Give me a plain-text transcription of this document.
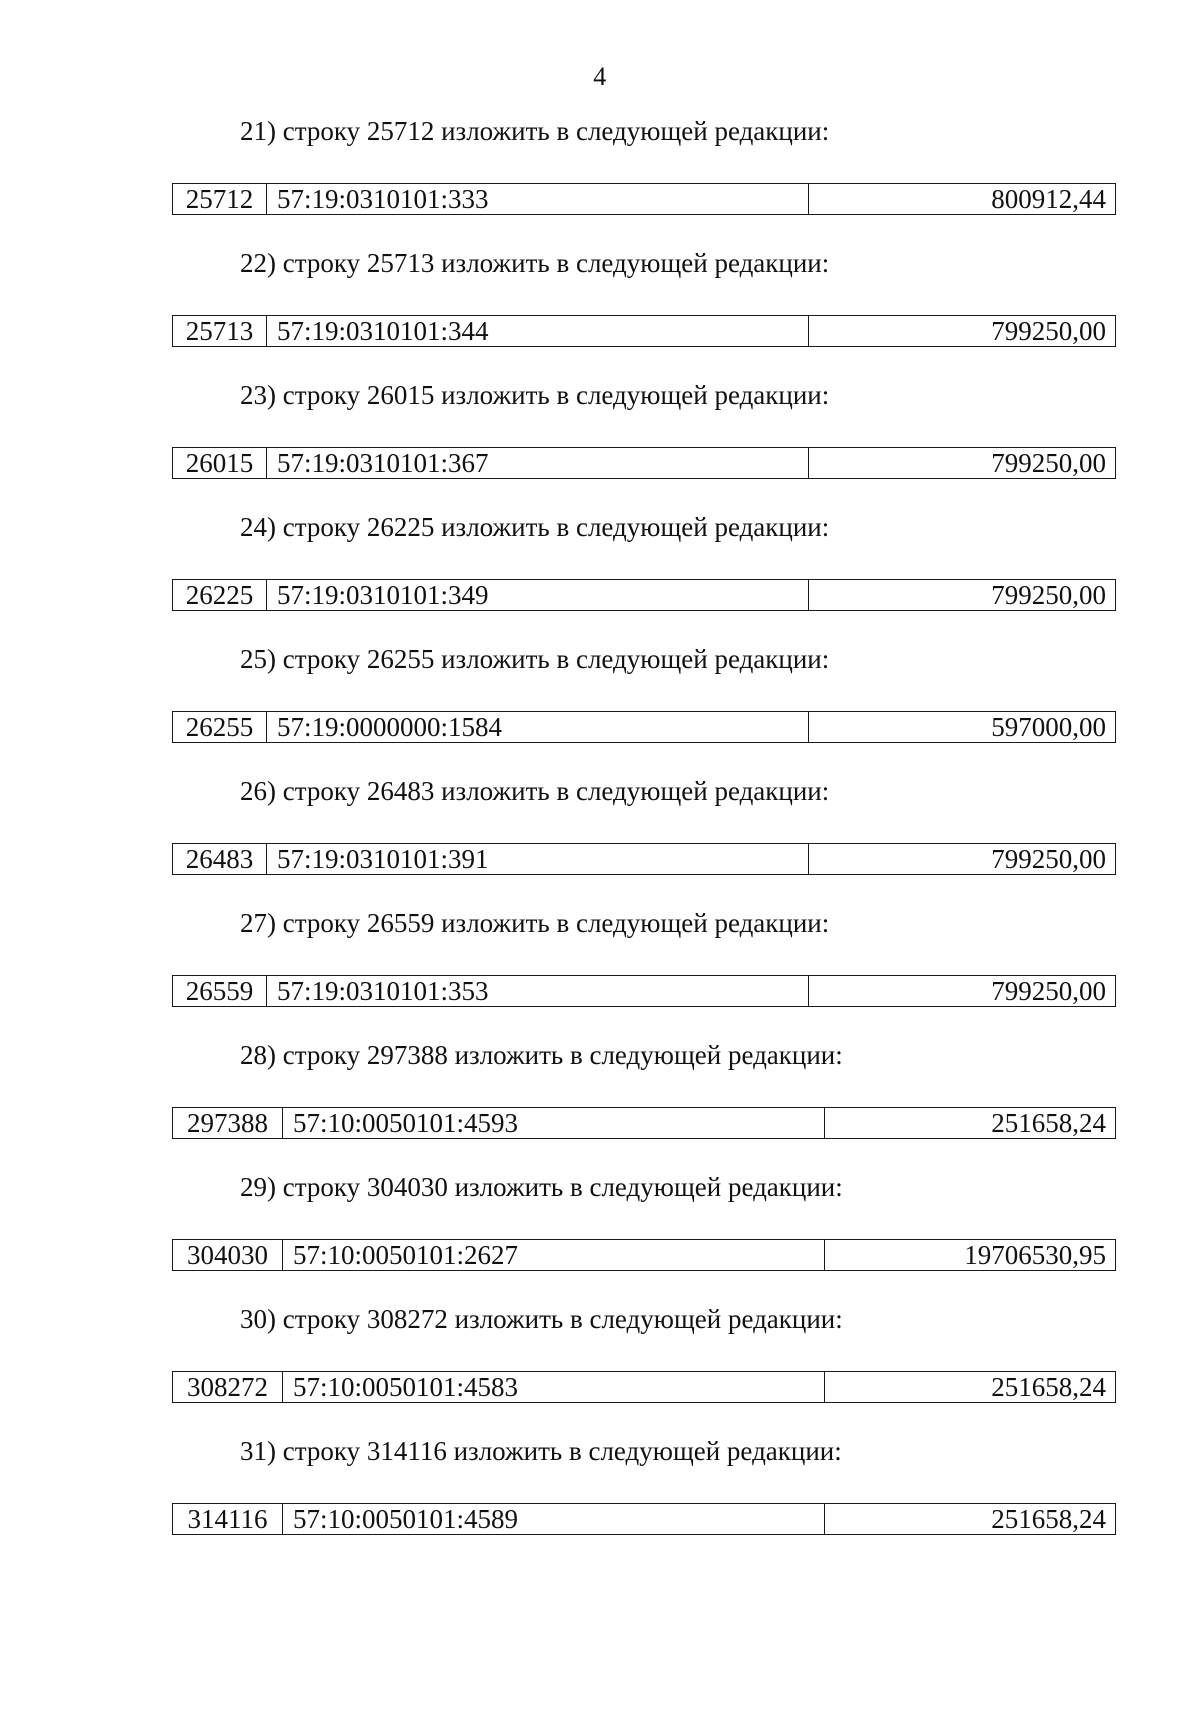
4
21) строку 25712 изложить в следующей редакции:
25712 57:19:0310101:333	800912,44
22) строку 25713 изложить в следующей редакции:
25713 57:19:0310101:344	799250,00
23) строку 26015 изложить в следующей редакции:
26015 57:19:0310101:367	799250,00
24) строку 26225 изложить в следующей редакции:
26225 57:19:0310101:349	799250,00
25) строку 26255 изложить в следующей редакции:
26255 57:19:0000000:1584	597000,00
26) строку 26483 изложить в следующей редакции:
26483 57:19:0310101:391	799250,00
27) строку 26559 изложить в следующей редакции:
26559 57:19:0310101:353	799250,00
28) строку 297388 изложить в следующей редакции:
297388 57:10:0050101:4593	251658,24
29) строку 304030 изложить в следующей редакции:
304030 57:10:0050101:2627	19706530,95
30) строку 308272 изложить в следующей редакции:
308272 57:10:0050101:4583	251658,24
31) строку 314116 изложить в следующей редакции:
314116 57:10:0050101:4589	251658,24
